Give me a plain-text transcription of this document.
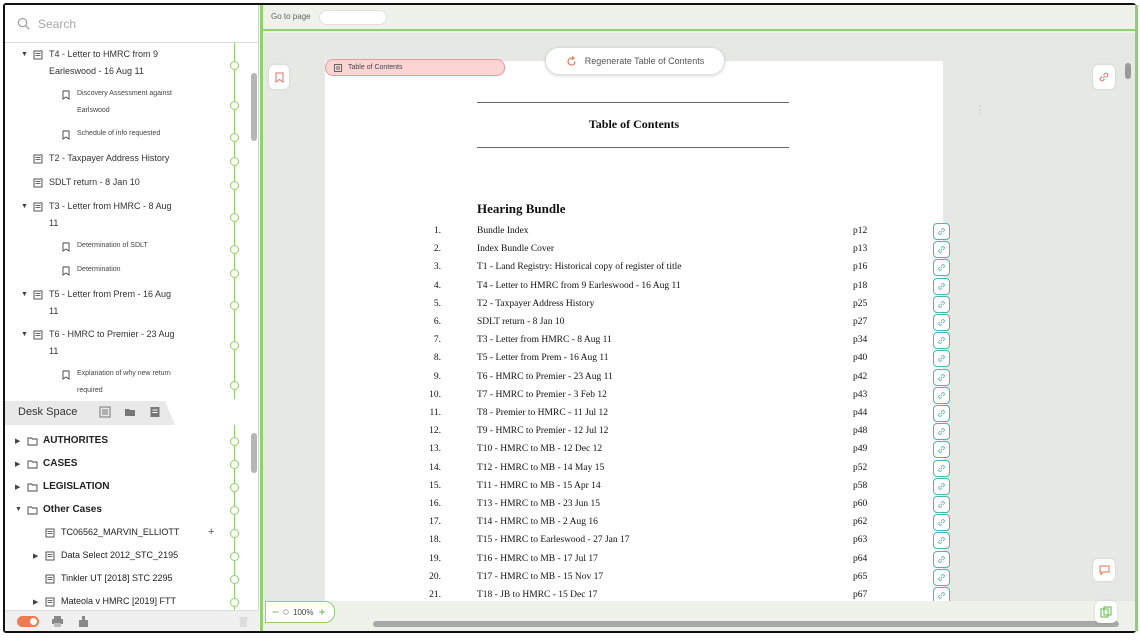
Search
▼ T4 - Letter to HMRC from 9
Earleswood - 16 Aug 11
Discovery Assessment against
Earlswood
Schedule of info requested
T2 - Taxpayer Address History
SDLT return - 8 Jan 10
▼ T3 - Letter from HMRC - 8 Aug
11
Determination of SDLT
Determination
▼ T5 - Letter from Prem - 16 Aug
11
▼ T6 - HMRC to Premier - 23 Aug
11
Explanation of why new return
required
Desk Space
▶ AUTHORITES
▶ CASES
▶ LEGISLATION
▼ Other Cases
TC06562_MARVIN_ELLIOTT	+
▶	Data Select 2012_STC_2195
Tinkler UT [2018] STC 2295
▶	Mateola v HMRC [2019] FTT
Go to page
Table of Contents
Hearing Bundle
⋮
1.	Bundle Index	p12
2.	Index Bundle Cover	p13
3.	T1 - Land Registry: Historical copy of register of title	p16
4.	T4 - Letter to HMRC from 9 Earleswood - 16 Aug 11	p18
5.	T2 - Taxpayer Address History	p25
6.	SDLT return - 8 Jan 10	p27
7.	T3 - Letter from HMRC - 8 Aug 11	p34
8.	T5 - Letter from Prem - 16 Aug 11	p40
9.	T6 - HMRC to Premier - 23 Aug 11	p42
10.	T7 - HMRC to Premier - 3 Feb 12	p43
11.	T8 - Premier to HMRC - 11 Jul 12	p44
12.	T9 - HMRC to Premier - 12 Jul 12	p48
13.	T10 - HMRC to MB - 12 Dec 12	p49
14.	T12 - HMRC to MB - 14 May 15	p52
15.	T11 - HMRC to MB - 15 Apr 14	p58
16.	T13 - HMRC to MB - 23 Jun 15	p60
17.	T14 - HMRC to MB - 2 Aug 16	p62
18.	T15 - HMRC to Earleswood - 27 Jan 17	p63
19.	T16 - HMRC to MB - 17 Jul 17	p64
20.	T17 - HMRC to MB - 15 Nov 17	p65
21.	T18 - JB to HMRC - 15 Dec 17	p67
Table of Contents
Regenerate Table of Contents
− 100% +
